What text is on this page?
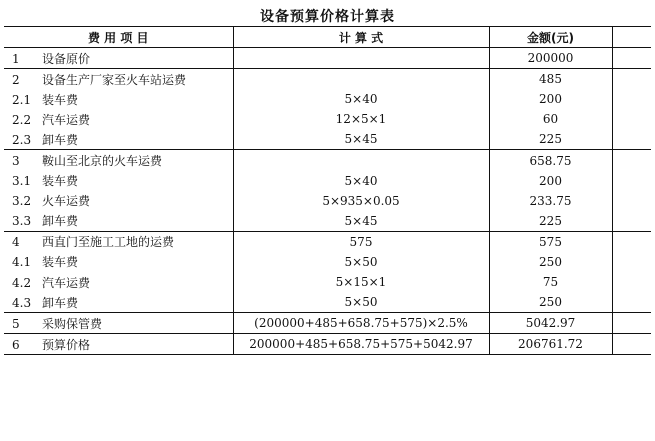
设备预算价格计算表
费 用 项 目	计 算 式	金额(元)	
1 设备原价		200000	
2 设备生产厂家至火车站运费		485	
2.1 装车费	5×40	200	
2.2 汽车运费	12×5×1	60	
2.3 卸车费	5×45	225	
3 鞍山至北京的火车运费		658.75	
3.1 装车费	5×40	200	
3.2 火车运费	5×935×0.05	233.75	
3.3 卸车费	5×45	225	
4 西直门至施工工地的运费	575	575	
4.1 装车费	5×50	250	
4.2 汽车运费	5×15×1	75	
4.3 卸车费	5×50	250	
5 采购保管费	(200000+485+658.75+575)×2.5%	5042.97	
6 预算价格	200000+485+658.75+575+5042.97	206761.72	
